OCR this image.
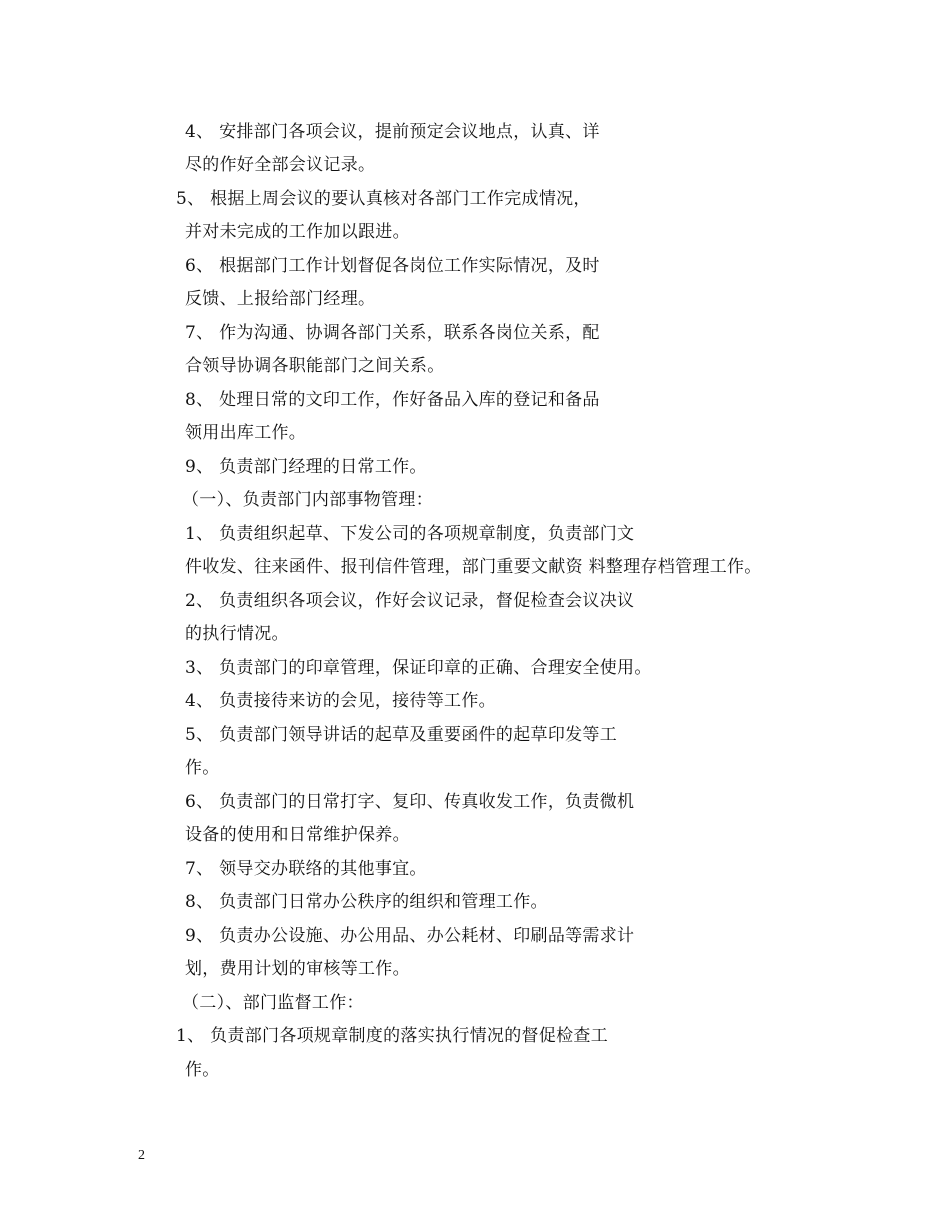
4、 安排部门各项会议，提前预定会议地点，认真、详
尽的作好全部会议记录。
5、 根据上周会议的要认真核对各部门工作完成情况，
并对未完成的工作加以跟进。
6、 根据部门工作计划督促各岗位工作实际情况，及时
反馈、上报给部门经理。
7、 作为沟通、协调各部门关系，联系各岗位关系，配
合领导协调各职能部门之间关系。
8、 处理日常的文印工作，作好备品入库的登记和备品
领用出库工作。
9、 负责部门经理的日常工作。
（一）、负责部门内部事物管理：
1、 负责组织起草、下发公司的各项规章制度，负责部门文
件收发、往来函件、报刊信件管理，部门重要文献资 料整理存档管理工作。
2、 负责组织各项会议，作好会议记录，督促检查会议决议
的执行情况。
3、 负责部门的印章管理，保证印章的正确、合理安全使用。
4、 负责接待来访的会见，接待等工作。
5、 负责部门领导讲话的起草及重要函件的起草印发等工
作。
6、 负责部门的日常打字、复印、传真收发工作，负责微机
设备的使用和日常维护保养。
7、 领导交办联络的其他事宜。
8、 负责部门日常办公秩序的组织和管理工作。
9、 负责办公设施、办公用品、办公耗材、印刷品等需求计
划，费用计划的审核等工作。
（二）、部门监督工作：
1、 负责部门各项规章制度的落实执行情况的督促检查工
作。
2
